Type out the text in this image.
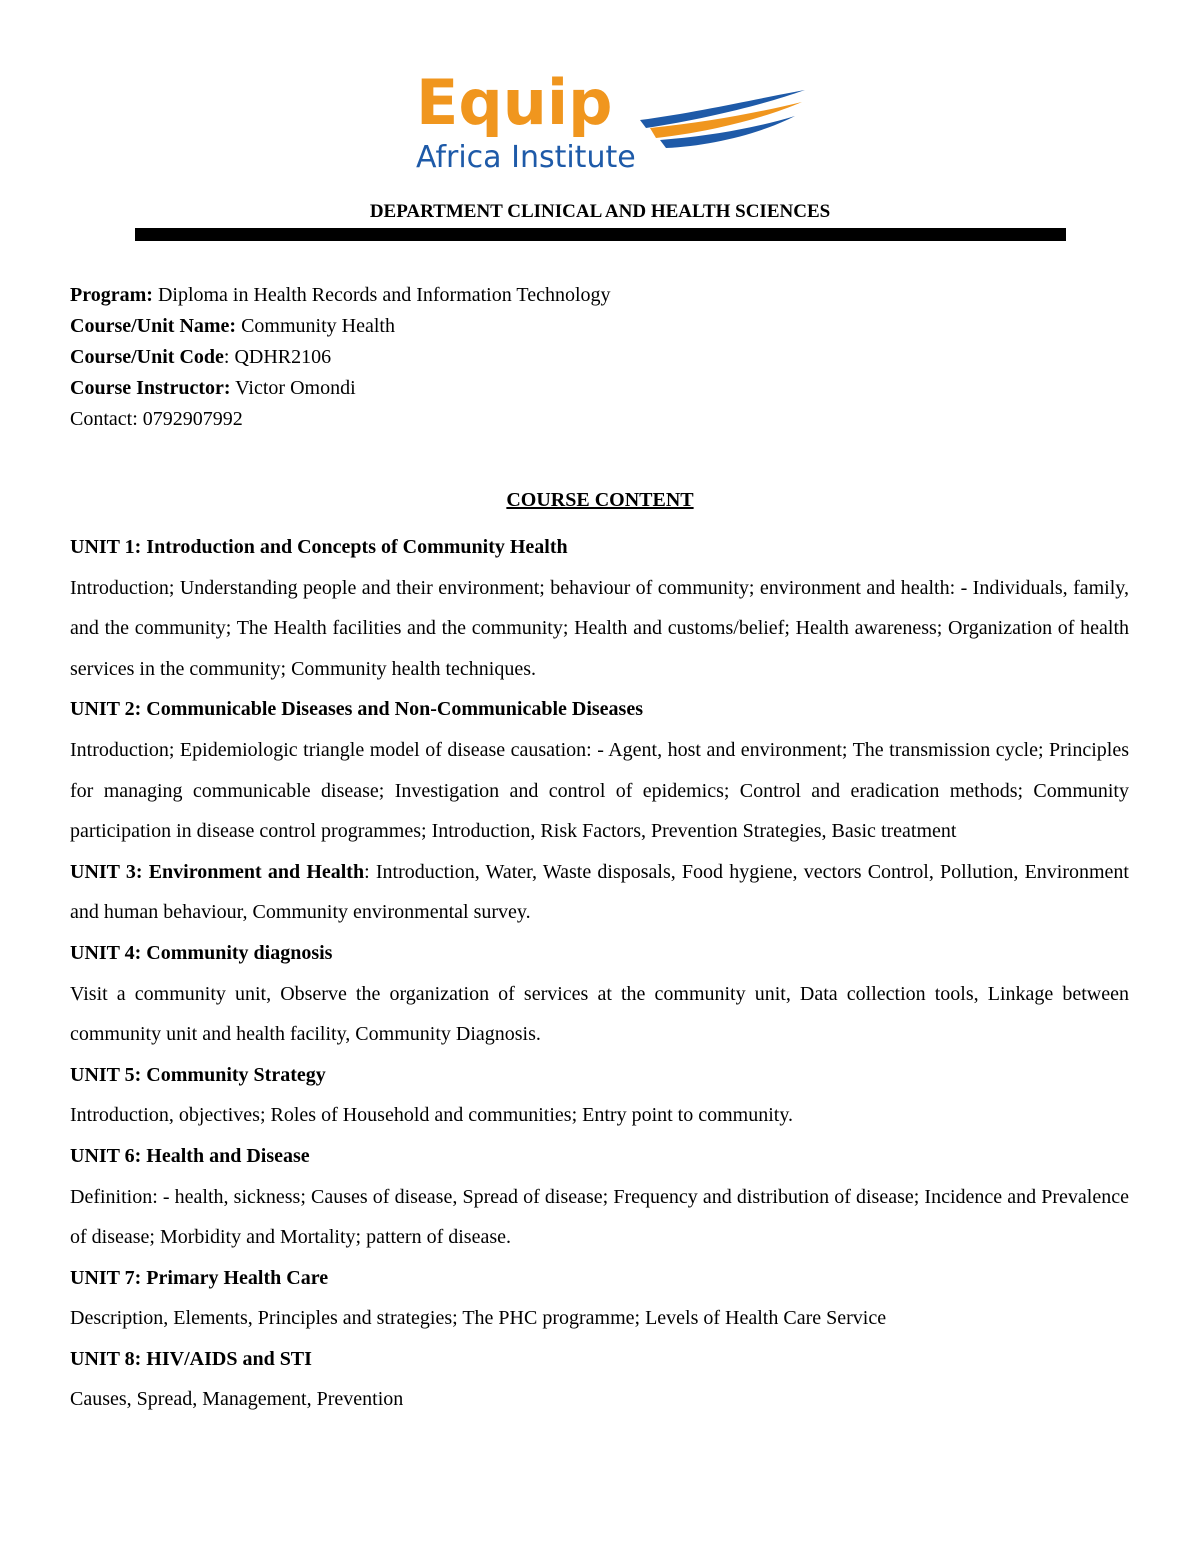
Equip
Africa Institute
DEPARTMENT CLINICAL AND HEALTH SCIENCES
Program: Diploma in Health Records and Information Technology
Course/Unit Name: Community Health
Course/Unit Code: QDHR2106
Course Instructor: Victor Omondi
Contact: 0792907992
COURSE CONTENT

UNIT 1: Introduction and Concepts of Community Health

Introduction; Understanding people and their environment; behaviour of community; environment and health: - Individuals, family, and the community; The Health facilities and the community; Health and customs/belief; Health awareness; Organization of health services in the community; Community health techniques.

UNIT 2: Communicable Diseases and Non-Communicable Diseases

Introduction; Epidemiologic triangle model of disease causation: - Agent, host and environment; The transmission cycle; Principles for managing communicable disease; Investigation and control of epidemics; Control and eradication methods; Community participation in disease control programmes; Introduction, Risk Factors, Prevention Strategies, Basic treatment

UNIT 3: Environment and Health: Introduction, Water, Waste disposals, Food hygiene, vectors Control, Pollution, Environment and human behaviour, Community environmental survey.

UNIT 4: Community diagnosis

Visit a community unit, Observe the organization of services at the community unit, Data collection tools, Linkage between community unit and health facility, Community Diagnosis.

UNIT 5: Community Strategy

Introduction, objectives; Roles of Household and communities; Entry point to community.

UNIT 6: Health and Disease

Definition: - health, sickness; Causes of disease, Spread of disease; Frequency and distribution of disease; Incidence and Prevalence of disease; Morbidity and Mortality; pattern of disease.

UNIT 7: Primary Health Care

Description, Elements, Principles and strategies; The PHC programme; Levels of Health Care Service

UNIT 8: HIV/AIDS and STI

Causes, Spread, Management, Prevention
